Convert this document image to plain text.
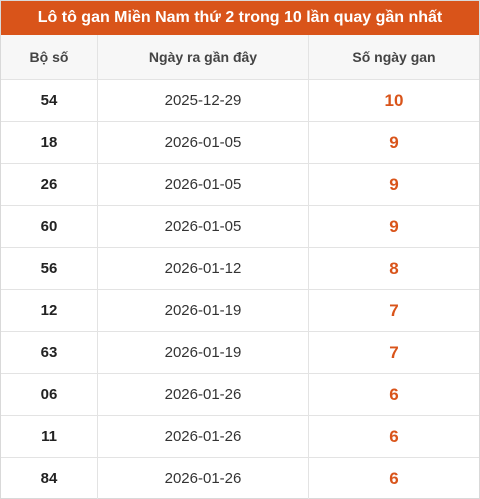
Lô tô gan Miền Nam thứ 2 trong 10 lần quay gần nhất
Bộ số	Ngày ra gần đây	Số ngày gan
54	2025-12-29	10
18	2026-01-05	9
26	2026-01-05	9
60	2026-01-05	9
56	2026-01-12	8
12	2026-01-19	7
63	2026-01-19	7
06	2026-01-26	6
11	2026-01-26	6
84	2026-01-26	6
